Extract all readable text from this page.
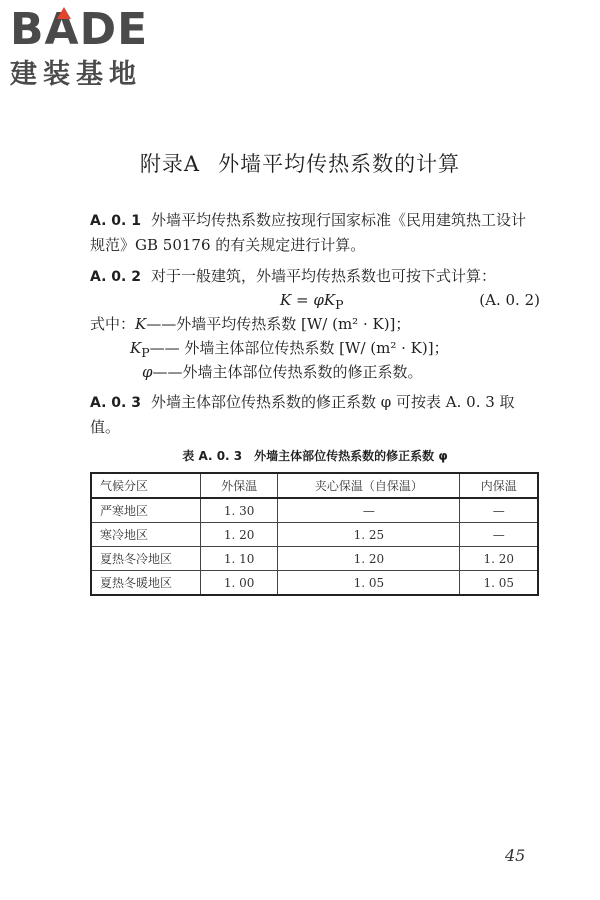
BADE
建装基地
附录A 外墙平均传热系数的计算

A. 0. 1 外墙平均传热系数应按现行国家标准《民用建筑热工设计规范》GB 50176 的有关规定进行计算。

A. 0. 2 对于一般建筑，外墙平均传热系数也可按下式计算：

$K = \varphi K_P$	(A. 0. 2)
式中：K——外墙平均传热系数 [W/ (m² · K)]；
$K_P——$ 外墙主体部位传热系数 [W/ (m² · K)]；
φ——外墙主体部位传热系数的修正系数。

A. 0. 3 外墙主体部位传热系数的修正系数 φ 可按表 A. 0. 3 取值。

表 A. 0. 3 外墙主体部位传热系数的修正系数 φ
气候分区	外保温	夹心保温（自保温）	内保温
严寒地区	1. 30	—	—
寒冷地区	1. 20	1. 25	—
夏热冬冷地区	1. 10	1. 20	1. 20
夏热冬暖地区	1. 00	1. 05	1. 05
45
